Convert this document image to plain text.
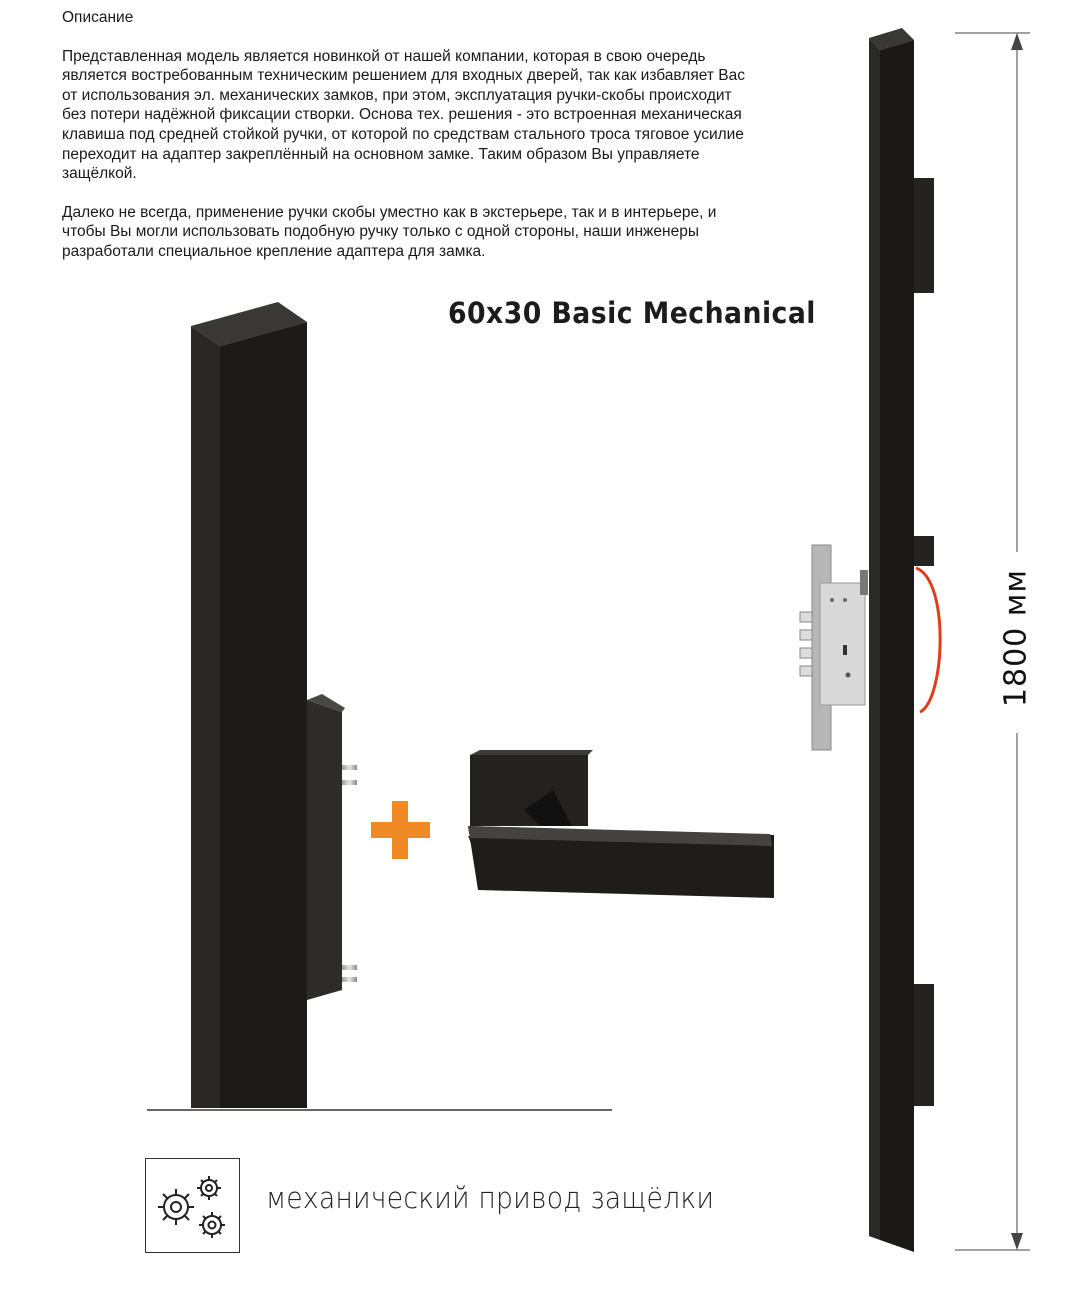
Описание

Представленная модель является новинкой от нашей компании, которая в свою очередь
является востребованным техническим решением для входных дверей, так как избавляет Вас
от использования эл. механических замков, при этом, эксплуатация ручки-скобы происходит
без потери надёжной фиксации створки. Основа тех. решения - это встроенная механическая
клавиша под средней стойкой ручки, от которой по средствам стального троса тяговое усилие
переходит на адаптер закреплённый на основном замке. Таким образом Вы управляете
защёлкой.

Далеко не всегда, применение ручки скобы уместно как в экстерьере, так и в интерьере, и
чтобы Вы могли использовать подобную ручку только с одной стороны, наши инженеры
разработали специальное крепление адаптера для замка.

60x30 Basic Mechanical
1800 мм
механический привод защёлки
